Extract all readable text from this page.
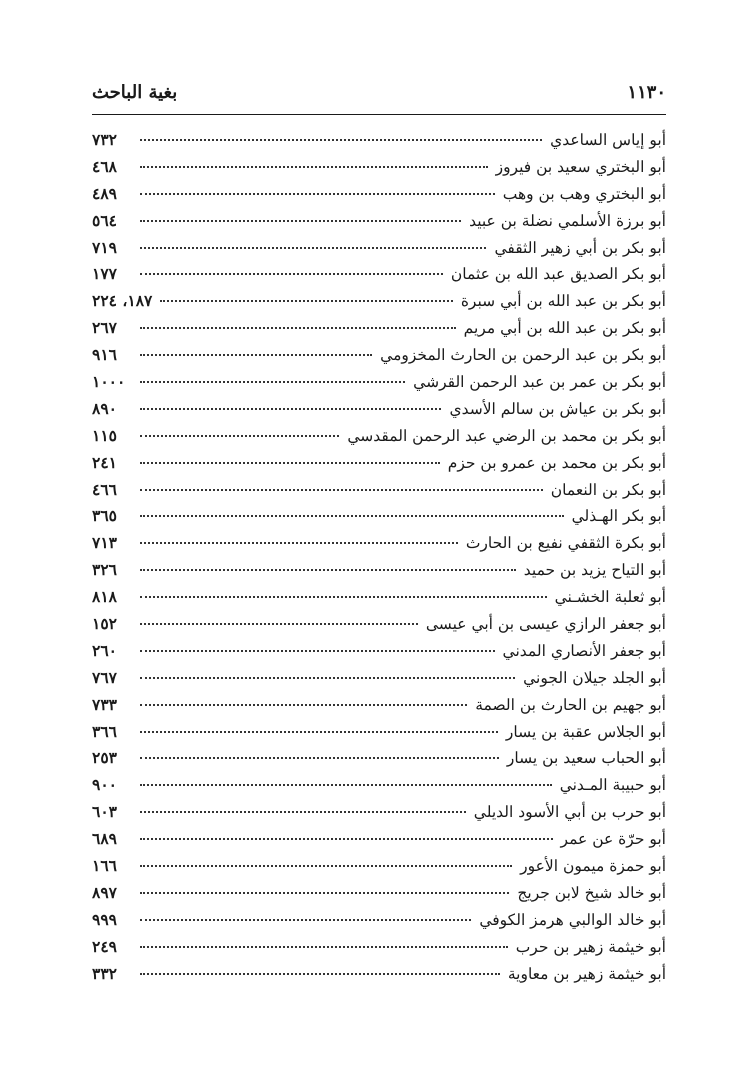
١١٣٠
بغية الباحث
أبو إياس الساعدي
٧٣٢
أبو البختري سعيد بن فيروز
٤٦٨
أبو البختري وهب بن وهب
٤٨٩
أبو برزة الأسلمي نضلة بن عبيد
٥٦٤
أبو بكر بن أبي زهير الثقفي
٧١٩
أبو بكر الصديق عبد الله بن عثمان
١٧٧
أبو بكر بن عبد الله بن أبي سبرة
١٨٧، ٢٢٤
أبو بكر بن عبد الله بن أبي مريم
٢٦٧
أبو بكر بن عبد الرحمن بن الحارث المخزومي
٩١٦
أبو بكر بن عمر بن عبد الرحمن القرشي
١٠٠٠
أبو بكر بن عياش بن سالم الأسدي
٨٩٠
أبو بكر بن محمد بن الرضي عبد الرحمن المقدسي
١١٥
أبو بكر بن محمد بن عمرو بن حزم
٢٤١
أبو بكر بن النعمان
٤٦٦
أبو بكر الهـذلي
٣٦٥
أبو بكرة الثقفي نفيع بن الحارث
٧١٣
أبو التياح يزيد بن حميد
٣٢٦
أبو ثعلبة الخشـني
٨١٨
أبو جعفر الرازي عيسى بن أبي عيسى
١٥٢
أبو جعفر الأنصاري المدني
٢٦٠
أبو الجلد جيلان الجوني
٧٦٧
أبو جهيم بن الحارث بن الصمة
٧٣٣
أبو الجلاس عقبة بن يسار
٣٦٦
أبو الحباب سعيد بن يسار
٢٥٣
أبو حبيبة المـدني
٩٠٠
أبو حرب بن أبي الأسود الديلي
٦٠٣
أبو حرّة عن عمر
٦٨٩
أبو حمزة ميمون الأعور
١٦٦
أبو خالد شيخ لابن جريج
٨٩٧
أبو خالد الوالبي هرمز الكوفي
٩٩٩
أبو خيثمة زهير بن حرب
٢٤٩
أبو خيثمة زهير بن معاوية
٣٣٢
